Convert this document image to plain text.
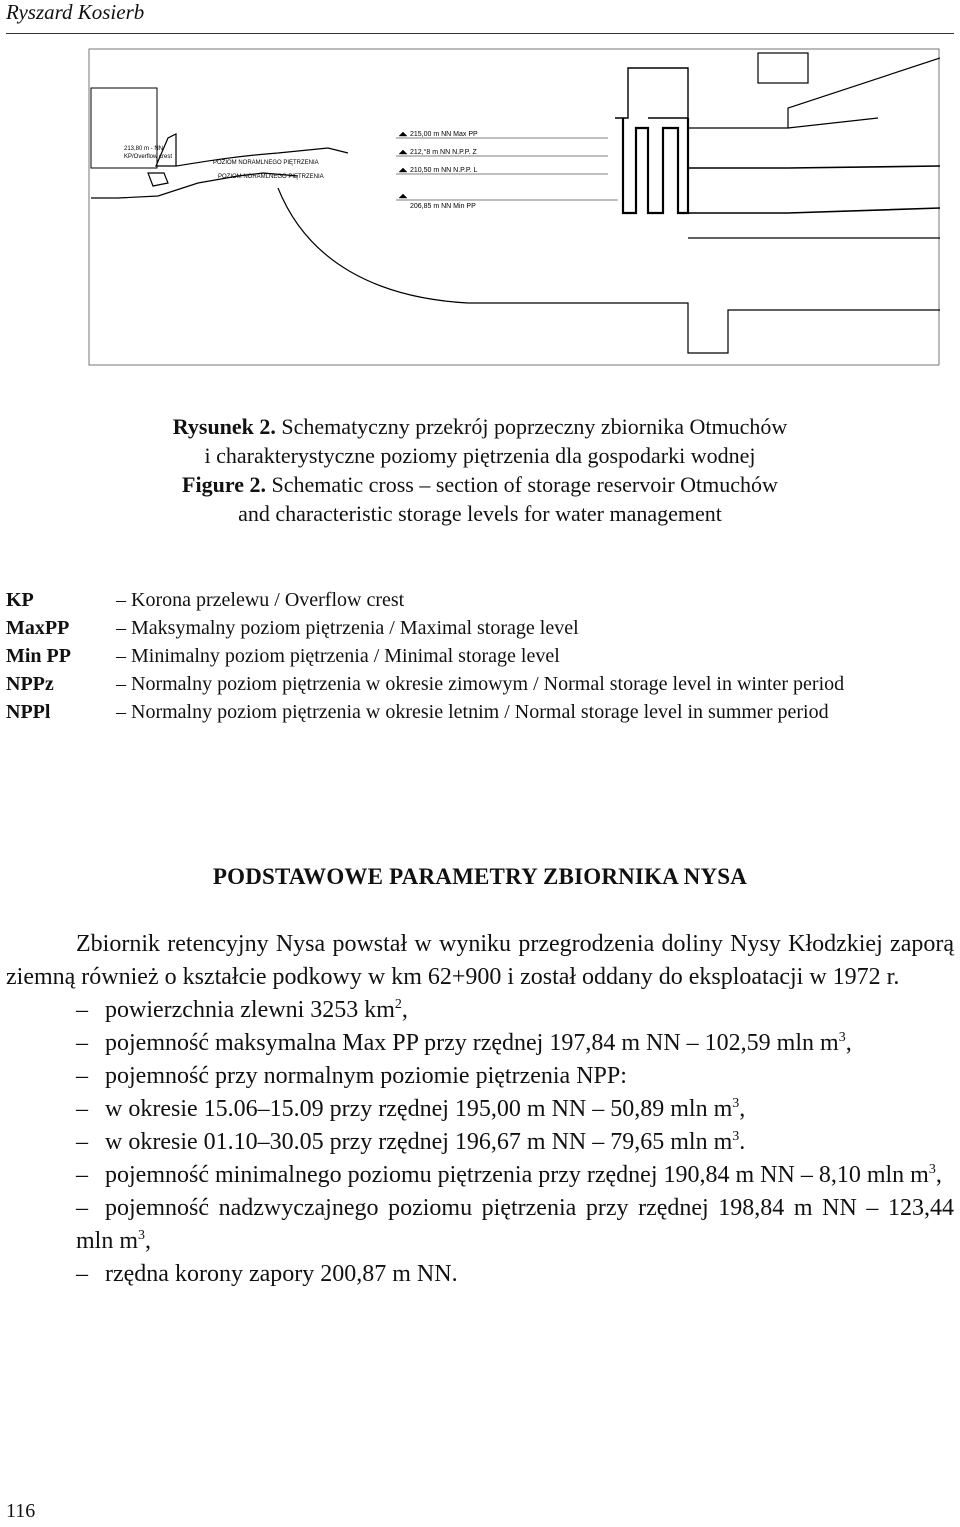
Ryszard Kosierb
215,00 m NN Max PP
212,°8 m NN N.P.P. Z
210,50 m NN N.P.P. L
206,85 m NN Min PP
213,80 m - NN
KP/Overflow crest
POZIOM NORAMLNEGO PIĘTRZENIA
POZIOM NORAMLNEGO PIĘTRZENIA
Rysunek 2. Schematyczny przekrój poprzeczny zbiornika Otmuchów
i charakterystyczne poziomy piętrzenia dla gospodarki wodnej
Figure 2. Schematic cross – section of storage reservoir Otmuchów
and characteristic storage levels for water management
KP	– Korona przelewu / Overflow crest
MaxPP	– Maksymalny poziom piętrzenia / Maximal storage level
Min PP	– Minimalny poziom piętrzenia / Minimal storage level
NPPz	– Normalny poziom piętrzenia w okresie zimowym / Normal storage level in winter period
NPPl	– Normalny poziom piętrzenia w okresie letnim / Normal storage level in summer period
PODSTAWOWE PARAMETRY ZBIORNIKA NYSA

Zbiornik retencyjny Nysa powstał w wyniku przegrodzenia doliny Nysy Kłodzkiej zaporą ziemną również o kształcie podkowy w km 62+900 i został oddany do eksploatacji w 1972 r.

– powierzchnia zlewni 3253 $km^2$,

– pojemność maksymalna Max PP przy rzędnej 197,84 m NN – 102,59 mln $m^3$,

– pojemność przy normalnym poziomie piętrzenia NPP:

– w okresie 15.06–15.09 przy rzędnej 195,00 m NN – 50,89 mln $m^3$,

– w okresie 01.10–30.05 przy rzędnej 196,67 m NN – 79,65 mln $m^3$.

– pojemność minimalnego poziomu piętrzenia przy rzędnej 190,84 m NN – 8,10 mln $m^3$,

– pojemność nadzwyczajnego poziomu piętrzenia przy rzędnej 198,84 m NN – 123,44 mln $m^3$,

– rzędna korony zapory 200,87 m NN.

116
